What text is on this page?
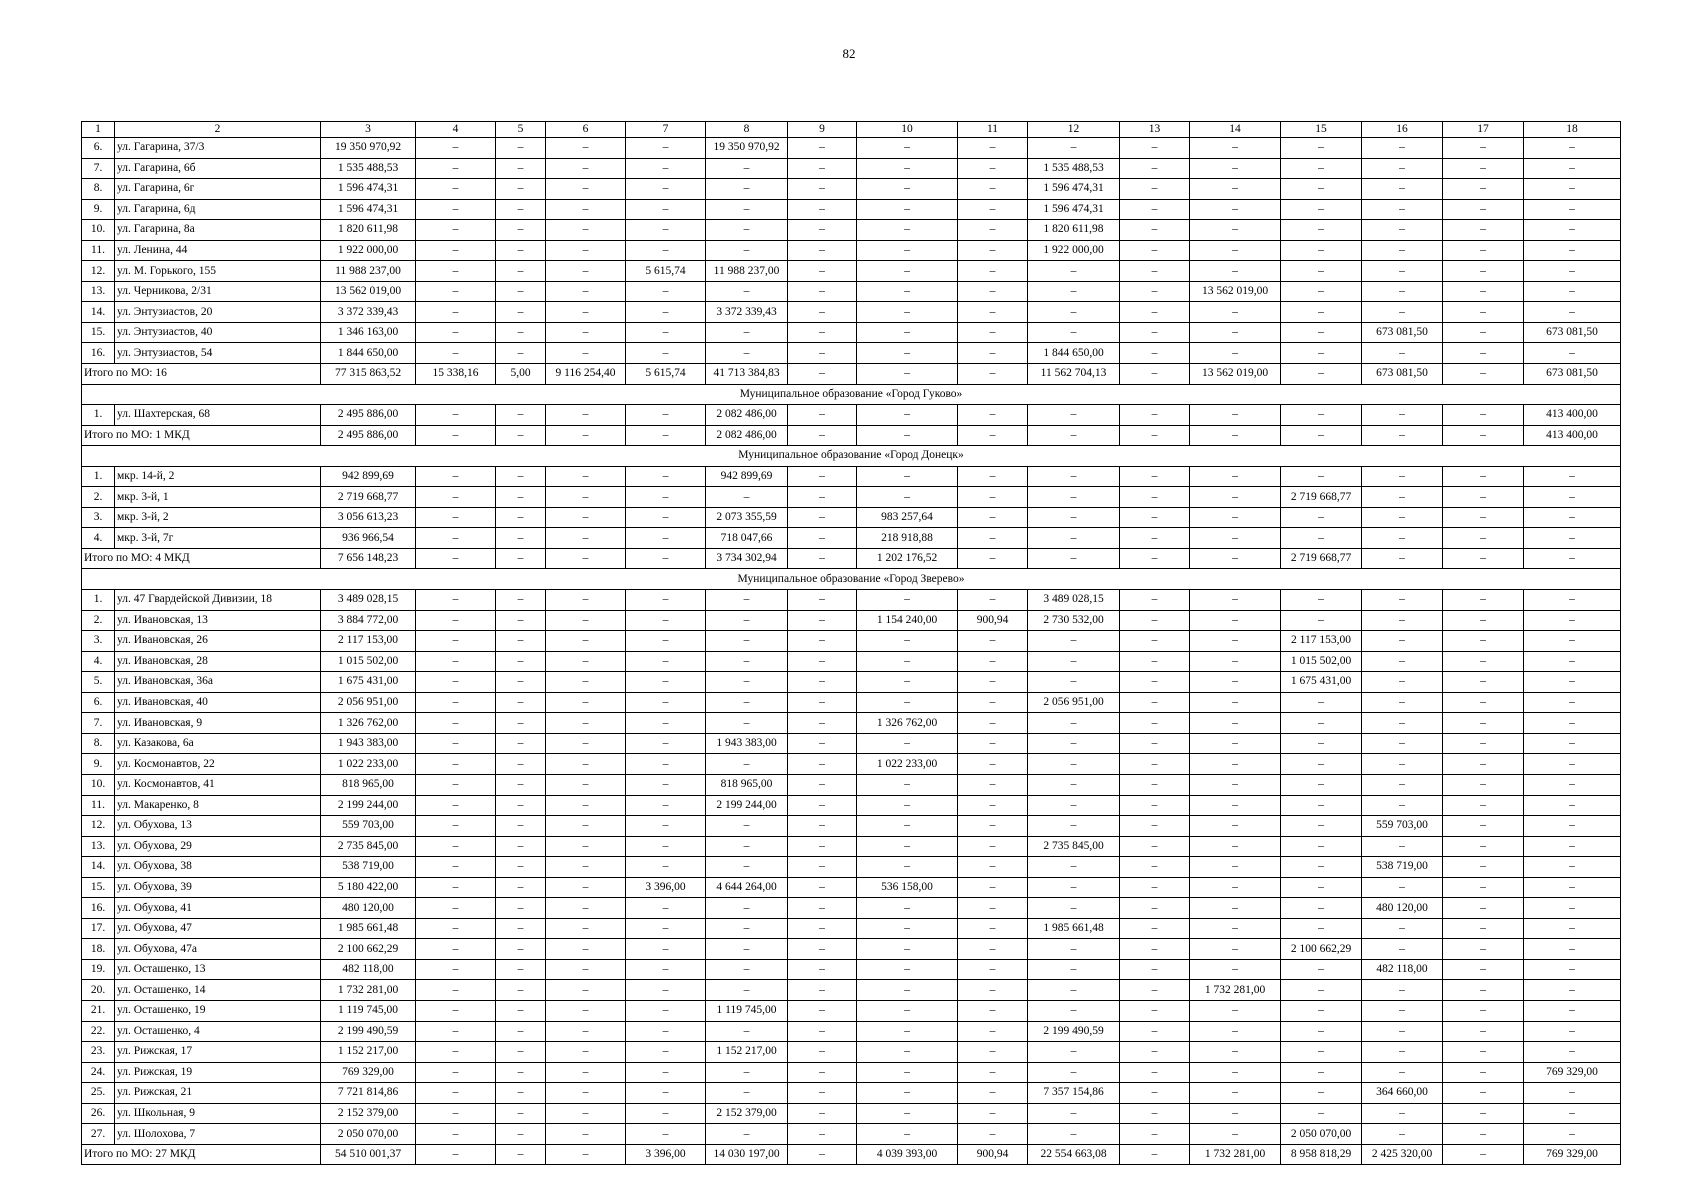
82
1	2	3	4	5	6	7	8	9	10	11	12	13	14	15	16	17	18
6.	ул. Гагарина, 37/3	19 350 970,92	–	–	–	–	19 350 970,92	–	–	–	–	–	–	–	–	–	–
7.	ул. Гагарина, 6б	1 535 488,53	–	–	–	–	–	–	–	–	1 535 488,53	–	–	–	–	–	–
8.	ул. Гагарина, 6г	1 596 474,31	–	–	–	–	–	–	–	–	1 596 474,31	–	–	–	–	–	–
9.	ул. Гагарина, 6д	1 596 474,31	–	–	–	–	–	–	–	–	1 596 474,31	–	–	–	–	–	–
10.	ул. Гагарина, 8а	1 820 611,98	–	–	–	–	–	–	–	–	1 820 611,98	–	–	–	–	–	–
11.	ул. Ленина, 44	1 922 000,00	–	–	–	–	–	–	–	–	1 922 000,00	–	–	–	–	–	–
12.	ул. М. Горького, 155	11 988 237,00	–	–	–	5 615,74	11 988 237,00	–	–	–	–	–	–	–	–	–	–
13.	ул. Черникова, 2/31	13 562 019,00	–	–	–	–	–	–	–	–	–	–	13 562 019,00	–	–	–	–
14.	ул. Энтузиастов, 20	3 372 339,43	–	–	–	–	3 372 339,43	–	–	–	–	–	–	–	–	–	–
15.	ул. Энтузиастов, 40	1 346 163,00	–	–	–	–	–	–	–	–	–	–	–	–	673 081,50	–	673 081,50
16.	ул. Энтузиастов, 54	1 844 650,00	–	–	–	–	–	–	–	–	1 844 650,00	–	–	–	–	–	–
Итого по МО: 16		77 315 863,52	15 338,16	5,00	9 116 254,40	5 615,74	41 713 384,83	–	–	–	11 562 704,13	–	13 562 019,00	–	673 081,50	–	673 081,50
Муниципальное образование «Город Гуково»																	
1.	ул. Шахтерская, 68	2 495 886,00	–	–	–	–	2 082 486,00	–	–	–	–	–	–	–	–	–	413 400,00
Итого по МО: 1 МКД		2 495 886,00	–	–	–	–	2 082 486,00	–	–	–	–	–	–	–	–	–	413 400,00
Муниципальное образование «Город Донецк»																	
1.	мкр. 14-й, 2	942 899,69	–	–	–	–	942 899,69	–	–	–	–	–	–	–	–	–	–
2.	мкр. 3-й, 1	2 719 668,77	–	–	–	–	–	–	–	–	–	–	–	2 719 668,77	–	–	–
3.	мкр. 3-й, 2	3 056 613,23	–	–	–	–	2 073 355,59	–	983 257,64	–	–	–	–	–	–	–	–
4.	мкр. 3-й, 7г	936 966,54	–	–	–	–	718 047,66	–	218 918,88	–	–	–	–	–	–	–	–
Итого по МО: 4 МКД		7 656 148,23	–	–	–	–	3 734 302,94	–	1 202 176,52	–	–	–	–	2 719 668,77	–	–	–
Муниципальное образование «Город Зверево»																	
1.	ул. 47 Гвардейской Дивизии, 18	3 489 028,15	–	–	–	–	–	–	–	–	3 489 028,15	–	–	–	–	–	–
2.	ул. Ивановская, 13	3 884 772,00	–	–	–	–	–	–	1 154 240,00	900,94	2 730 532,00	–	–	–	–	–	–
3.	ул. Ивановская, 26	2 117 153,00	–	–	–	–	–	–	–	–	–	–	–	2 117 153,00	–	–	–
4.	ул. Ивановская, 28	1 015 502,00	–	–	–	–	–	–	–	–	–	–	–	1 015 502,00	–	–	–
5.	ул. Ивановская, 36а	1 675 431,00	–	–	–	–	–	–	–	–	–	–	–	1 675 431,00	–	–	–
6.	ул. Ивановская, 40	2 056 951,00	–	–	–	–	–	–	–	–	2 056 951,00	–	–	–	–	–	–
7.	ул. Ивановская, 9	1 326 762,00	–	–	–	–	–	–	1 326 762,00	–	–	–	–	–	–	–	–
8.	ул. Казакова, 6а	1 943 383,00	–	–	–	–	1 943 383,00	–	–	–	–	–	–	–	–	–	–
9.	ул. Космонавтов, 22	1 022 233,00	–	–	–	–	–	–	1 022 233,00	–	–	–	–	–	–	–	–
10.	ул. Космонавтов, 41	818 965,00	–	–	–	–	818 965,00	–	–	–	–	–	–	–	–	–	–
11.	ул. Макаренко, 8	2 199 244,00	–	–	–	–	2 199 244,00	–	–	–	–	–	–	–	–	–	–
12.	ул. Обухова, 13	559 703,00	–	–	–	–	–	–	–	–	–	–	–	–	559 703,00	–	–
13.	ул. Обухова, 29	2 735 845,00	–	–	–	–	–	–	–	–	2 735 845,00	–	–	–	–	–	–
14.	ул. Обухова, 38	538 719,00	–	–	–	–	–	–	–	–	–	–	–	–	538 719,00	–	–
15.	ул. Обухова, 39	5 180 422,00	–	–	–	3 396,00	4 644 264,00	–	536 158,00	–	–	–	–	–	–	–	–
16.	ул. Обухова, 41	480 120,00	–	–	–	–	–	–	–	–	–	–	–	–	480 120,00	–	–
17.	ул. Обухова, 47	1 985 661,48	–	–	–	–	–	–	–	–	1 985 661,48	–	–	–	–	–	–
18.	ул. Обухова, 47а	2 100 662,29	–	–	–	–	–	–	–	–	–	–	–	2 100 662,29	–	–	–
19.	ул. Осташенко, 13	482 118,00	–	–	–	–	–	–	–	–	–	–	–	–	482 118,00	–	–
20.	ул. Осташенко, 14	1 732 281,00	–	–	–	–	–	–	–	–	–	–	1 732 281,00	–	–	–	–
21.	ул. Осташенко, 19	1 119 745,00	–	–	–	–	1 119 745,00	–	–	–	–	–	–	–	–	–	–
22.	ул. Осташенко, 4	2 199 490,59	–	–	–	–	–	–	–	–	2 199 490,59	–	–	–	–	–	–
23.	ул. Рижская, 17	1 152 217,00	–	–	–	–	1 152 217,00	–	–	–	–	–	–	–	–	–	–
24.	ул. Рижская, 19	769 329,00	–	–	–	–	–	–	–	–	–	–	–	–	–	–	769 329,00
25.	ул. Рижская, 21	7 721 814,86	–	–	–	–	–	–	–	–	7 357 154,86	–	–	–	364 660,00	–	–
26.	ул. Школьная, 9	2 152 379,00	–	–	–	–	2 152 379,00	–	–	–	–	–	–	–	–	–	–
27.	ул. Шолохова, 7	2 050 070,00	–	–	–	–	–	–	–	–	–	–	–	2 050 070,00	–	–	–
Итого по МО: 27 МКД		54 510 001,37	–	–	–	3 396,00	14 030 197,00	–	4 039 393,00	900,94	22 554 663,08	–	1 732 281,00	8 958 818,29	2 425 320,00	–	769 329,00
